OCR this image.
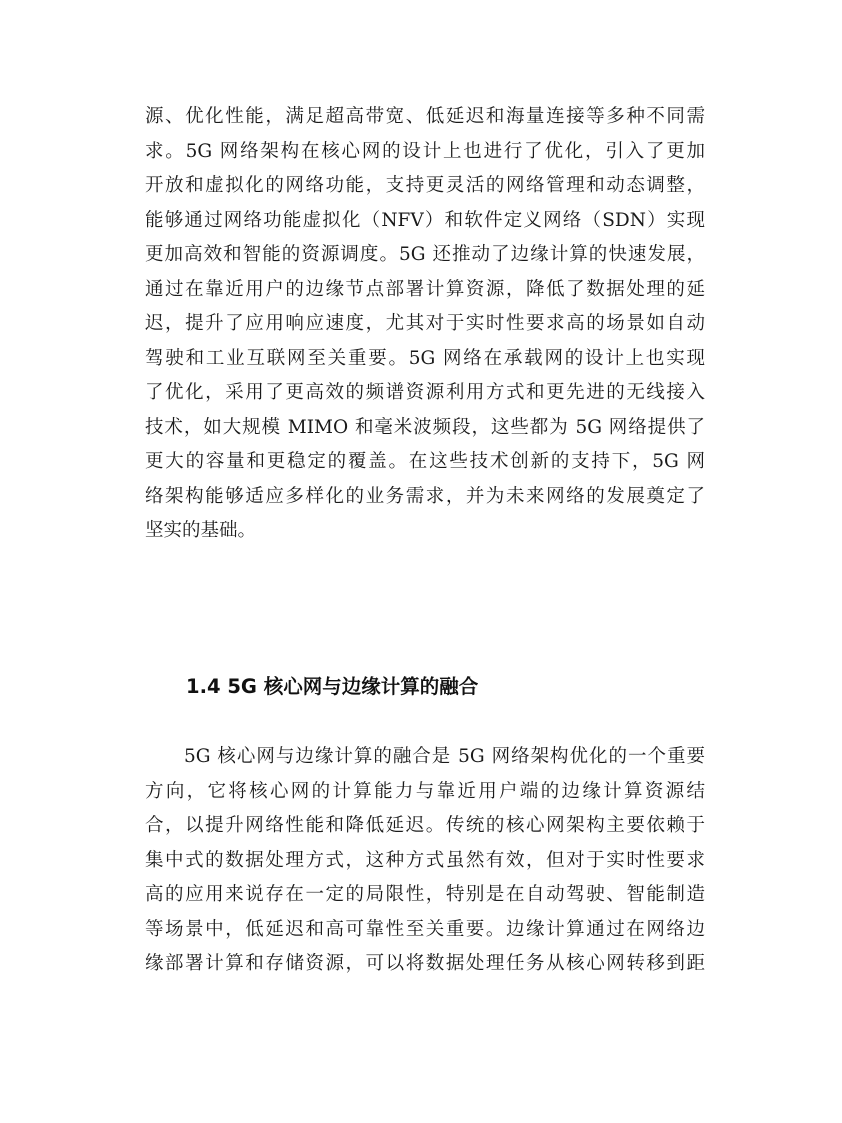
源、优化性能，满足超高带宽、低延迟和海量连接等多种不同需
求。5G 网络架构在核心网的设计上也进行了优化，引入了更加
开放和虚拟化的网络功能，支持更灵活的网络管理和动态调整，
能够通过网络功能虚拟化（NFV）和软件定义网络（SDN）实现
更加高效和智能的资源调度。5G 还推动了边缘计算的快速发展，
通过在靠近用户的边缘节点部署计算资源，降低了数据处理的延
迟，提升了应用响应速度，尤其对于实时性要求高的场景如自动
驾驶和工业互联网至关重要。5G 网络在承载网的设计上也实现
了优化，采用了更高效的频谱资源利用方式和更先进的无线接入
技术，如大规模 MIMO 和毫米波频段，这些都为 5G 网络提供了
更大的容量和更稳定的覆盖。在这些技术创新的支持下，5G 网
络架构能够适应多样化的业务需求，并为未来网络的发展奠定了
坚实的基础。
1.4 5G 核心网与边缘计算的融合
　　5G 核心网与边缘计算的融合是 5G 网络架构优化的一个重要
方向，它将核心网的计算能力与靠近用户端的边缘计算资源结
合，以提升网络性能和降低延迟。传统的核心网架构主要依赖于
集中式的数据处理方式，这种方式虽然有效，但对于实时性要求
高的应用来说存在一定的局限性，特别是在自动驾驶、智能制造
等场景中，低延迟和高可靠性至关重要。边缘计算通过在网络边
缘部署计算和存储资源，可以将数据处理任务从核心网转移到距
